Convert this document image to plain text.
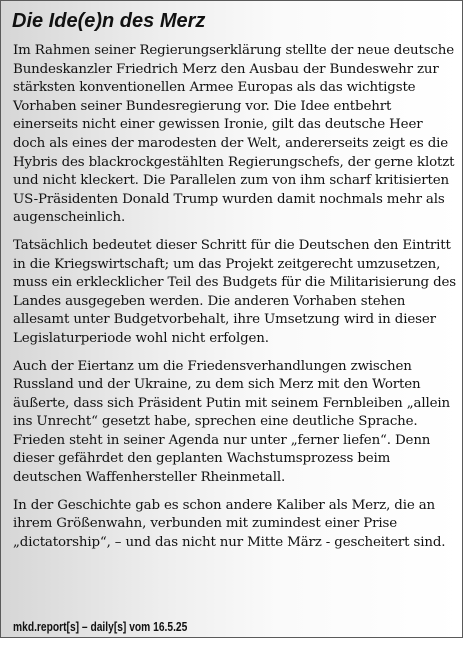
Die Ide(e)n des Merz

Im Rahmen seiner Regierungserklärung stellte der neue deutsche Bundeskanzler Friedrich Merz den Ausbau der Bundeswehr zur stärksten konventionellen Armee Europas als das wichtigste Vorhaben seiner Bundesregierung vor. Die Idee entbehrt einerseits nicht einer gewissen Ironie, gilt das deutsche Heer doch als eines der marodesten der Welt, andererseits zeigt es die Hybris des blackrockgestählten Regierungschefs, der gerne klotzt und nicht kleckert. Die Parallelen zum von ihm scharf kritisierten US-Präsidenten Donald Trump wurden damit nochmals mehr als augenscheinlich.

Tatsächlich bedeutet dieser Schritt für die Deutschen den Eintritt in die Kriegswirtschaft; um das Projekt zeitgerecht umzusetzen, muss ein erklecklicher Teil des Budgets für die Militarisierung des Landes ausgegeben werden. Die anderen Vorhaben stehen allesamt unter Budgetvorbehalt, ihre Umsetzung wird in dieser Legislaturperiode wohl nicht erfolgen.

Auch der Eiertanz um die Friedensverhandlungen zwischen Russland und der Ukraine, zu dem sich Merz mit den Worten äußerte, dass sich Präsident Putin mit seinem Fernbleiben „allein ins Unrecht“ gesetzt habe, sprechen eine deutliche Sprache. Frieden steht in seiner Agenda nur unter „ferner liefen“. Denn dieser gefährdet den geplanten Wachstumsprozess beim deutschen Waffenhersteller Rheinmetall.

In der Geschichte gab es schon andere Kaliber als Merz, die an ihrem Größenwahn, verbunden mit zumindest einer Prise „dictatorship“, – und das nicht nur Mitte März - gescheitert sind.

mkd.report[s] – daily[s] vom 16.5.25
